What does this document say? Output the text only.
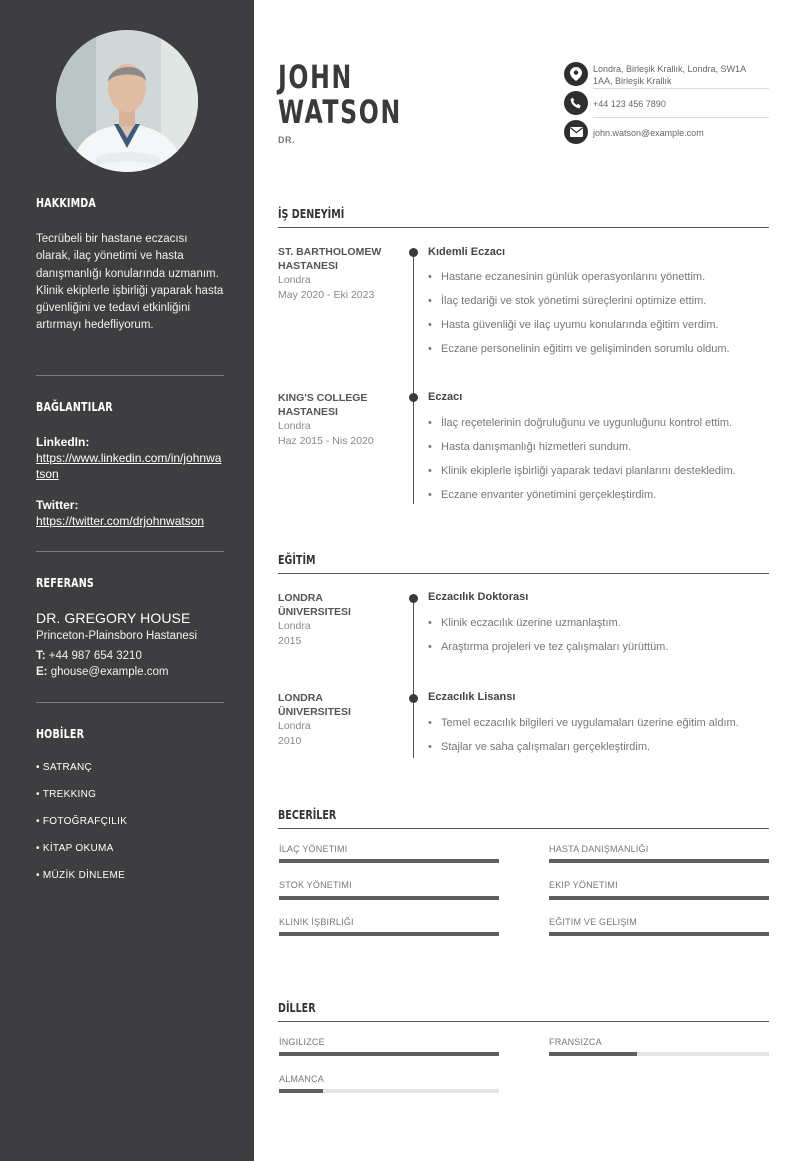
HAKKIMDA
Tecrübeli bir hastane eczacısı olarak, ilaç yönetimi ve hasta danışmanlığı konularında uzmanım. Klinik ekiplerle işbirliği yaparak hasta güvenliğini ve tedavi etkinliğini artırmayı hedefliyorum.
BAĞLANTILAR
LinkedIn:
https://www.linkedin.com/in/johnwatson
Twitter:
https://twitter.com/drjohnwatson
REFERANS
DR. GREGORY HOUSE
Princeton-Plainsboro Hastanesi
T: +44 987 654 3210
E: ghouse@example.com
HOBİLER
• SATRANÇ
• TREKKING
• FOTOĞRAFÇILIK
• KİTAP OKUMA
• MÜZİK DİNLEME
JOHN
WATSON
DR.
Londra, Birleşik Krallık, Londra, SW1A 1AA, Birleşik Krallık
+44 123 456 7890
john.watson@example.com
İŞ DENEYİMİ
ST. BARTHOLOMEW HASTANESI
Londra
May 2020 - Eki 2023
Kıdemli Eczacı
• Hastane eczanesinin günlük operasyonlarını yönettim.
• İlaç tedariği ve stok yönetimi süreçlerini optimize ettim.
• Hasta güvenliği ve ilaç uyumu konularında eğitim verdim.
• Eczane personelinin eğitim ve gelişiminden sorumlu oldum.
KING'S COLLEGE HASTANESI
Londra
Haz 2015 - Nis 2020
Eczacı
• İlaç reçetelerinin doğruluğunu ve uygunluğunu kontrol ettim.
• Hasta danışmanlığı hizmetleri sundum.
• Klinik ekiplerle işbirliği yaparak tedavi planlarını destekledim.
• Eczane envanter yönetimini gerçekleştirdim.
EĞİTİM
LONDRA ÜNIVERSITESI
Londra
2015
Eczacılık Doktorası
• Klinik eczacılık üzerine uzmanlaştım.
• Araştırma projeleri ve tez çalışmaları yürüttüm.
LONDRA ÜNIVERSITESI
Londra
2010
Eczacılık Lisansı
• Temel eczacılık bilgileri ve uygulamaları üzerine eğitim aldım.
• Stajlar ve saha çalışmaları gerçekleştirdim.
BECERİLER
İLAÇ YÖNETIMI	HASTA DANIŞMANLIĞI
STOK YÖNETIMI	EKIP YÖNETIMI
KLINIK İŞBIRLIĞI	EĞITIM VE GELIŞIM
DİLLER
İNGILIZCE	FRANSIZCA
ALMANCA
